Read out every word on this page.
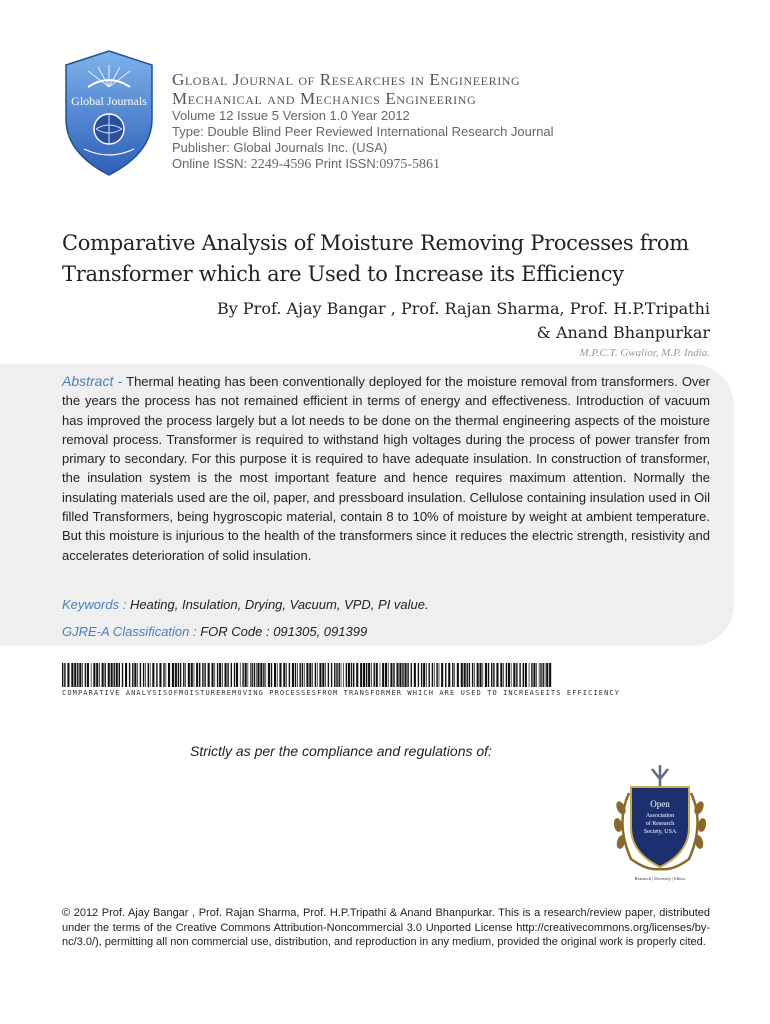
Global Journals
Global Journal of Researches in Engineering
Mechanical and Mechanics Engineering
Volume 12 Issue 5 Version 1.0 Year 2012
Type: Double Blind Peer Reviewed International Research Journal
Publisher: Global Journals Inc. (USA)
Online ISSN: 2249-4596 Print ISSN:0975-5861
Comparative Analysis of Moisture Removing Processes from Transformer which are Used to Increase its Efficiency
By Prof. Ajay Bangar , Prof. Rajan Sharma, Prof. H.P.Tripathi
& Anand Bhanpurkar
M.P.C.T. Gwalior, M.P. India.
Abstract - Thermal heating has been conventionally deployed for the moisture removal from transformers. Over the years the process has not remained efficient in terms of energy and effectiveness. Introduction of vacuum has improved the process largely but a lot needs to be done on the thermal engineering aspects of the moisture removal process. Transformer is required to withstand high voltages during the process of power transfer from primary to secondary. For this purpose it is required to have adequate insulation. In construction of transformer, the insulation system is the most important feature and hence requires maximum attention. Normally the insulating materials used are the oil, paper, and pressboard insulation. Cellulose containing insulation used in Oil filled Transformers, being hygroscopic material, contain 8 to 10% of moisture by weight at ambient temperature. But this moisture is injurious to the health of the transformers since it reduces the electric strength, resistivity and accelerates deterioration of solid insulation.
Keywords : Heating, Insulation, Drying, Vacuum, VPD, PI value.
GJRE-A Classification : FOR Code : 091305, 091399
COMPARATIVE ANALYSISOFMOISTUREREMOVING PROCESSESFROM TRANSFORMER WHICH ARE USED TO INCREASEITS EFFICIENCY
Strictly as per the compliance and regulations of:
Open
Association
of Research
Society, USA
Research | Diversity | Ethics
© 2012 Prof. Ajay Bangar , Prof. Rajan Sharma, Prof. H.P.Tripathi & Anand Bhanpurkar. This is a research/review paper, distributed under the terms of the Creative Commons Attribution-Noncommercial 3.0 Unported License http://creativecommons.org/licenses/by-nc/3.0/), permitting all non commercial use, distribution, and reproduction in any medium, provided the original work is properly cited.
